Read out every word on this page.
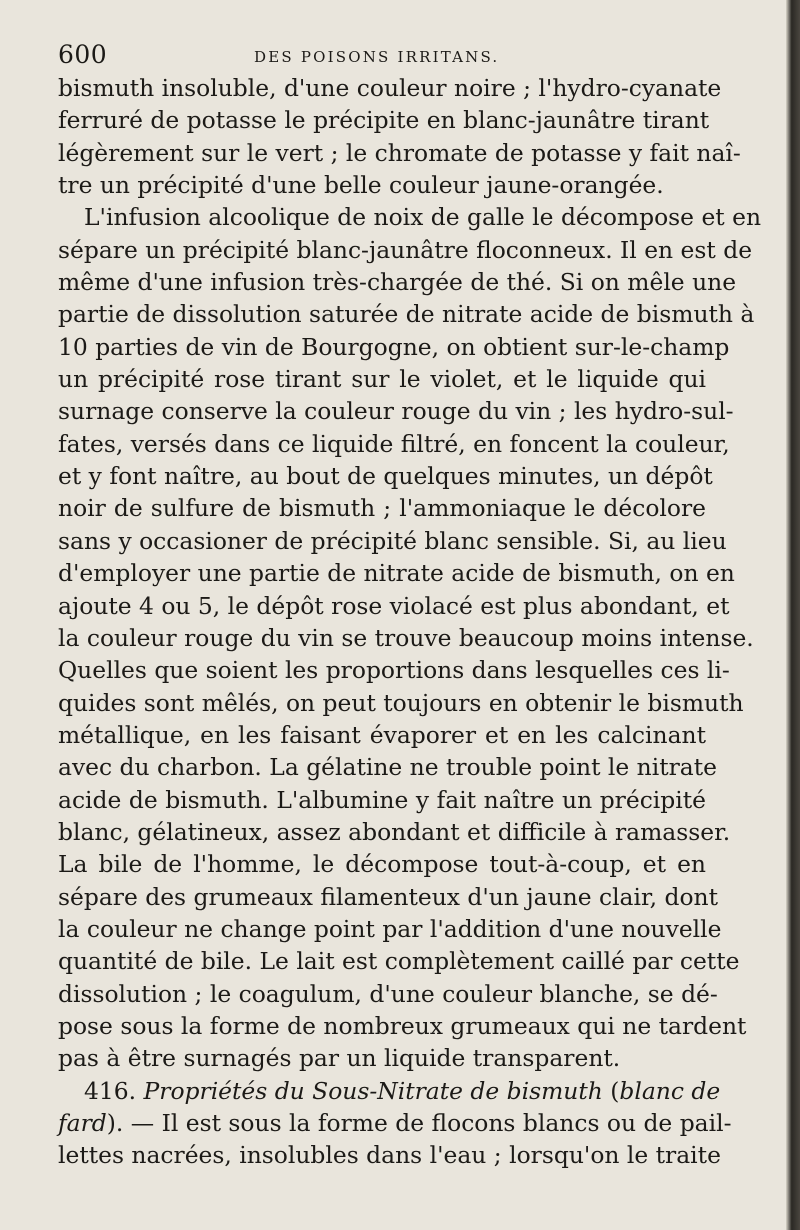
600	DES POISONS IRRITANS.
bismuth insoluble, d'une couleur noire ; l'hydro-cyanate
ferruré de potasse le précipite en blanc-jaunâtre tirant
légèrement sur le vert ; le chromate de potasse y fait naî-
tre un précipité d'une belle couleur jaune-orangée.
L'infusion alcoolique de noix de galle le décompose et en
sépare un précipité blanc-jaunâtre floconneux. Il en est de
même d'une infusion très-chargée de thé. Si on mêle une
partie de dissolution saturée de nitrate acide de bismuth à
10 parties de vin de Bourgogne, on obtient sur-le-champ
un précipité rose tirant sur le violet, et le liquide qui
surnage conserve la couleur rouge du vin ; les hydro-sul-
fates, versés dans ce liquide filtré, en foncent la couleur,
et y font naître, au bout de quelques minutes, un dépôt
noir de sulfure de bismuth ; l'ammoniaque le décolore
sans y occasioner de précipité blanc sensible. Si, au lieu
d'employer une partie de nitrate acide de bismuth, on en
ajoute 4 ou 5, le dépôt rose violacé est plus abondant, et
la couleur rouge du vin se trouve beaucoup moins intense.
Quelles que soient les proportions dans lesquelles ces li-
quides sont mêlés, on peut toujours en obtenir le bismuth
métallique, en les faisant évaporer et en les calcinant
avec du charbon. La gélatine ne trouble point le nitrate
acide de bismuth. L'albumine y fait naître un précipité
blanc, gélatineux, assez abondant et difficile à ramasser.
La bile de l'homme, le décompose tout-à-coup, et en
sépare des grumeaux filamenteux d'un jaune clair, dont
la couleur ne change point par l'addition d'une nouvelle
quantité de bile. Le lait est complètement caillé par cette
dissolution ; le coagulum, d'une couleur blanche, se dé-
pose sous la forme de nombreux grumeaux qui ne tardent
pas à être surnagés par un liquide transparent.
416. Propriétés du Sous-Nitrate de bismuth (blanc de
fard). — Il est sous la forme de flocons blancs ou de pail-
lettes nacrées, insolubles dans l'eau ; lorsqu'on le traite
